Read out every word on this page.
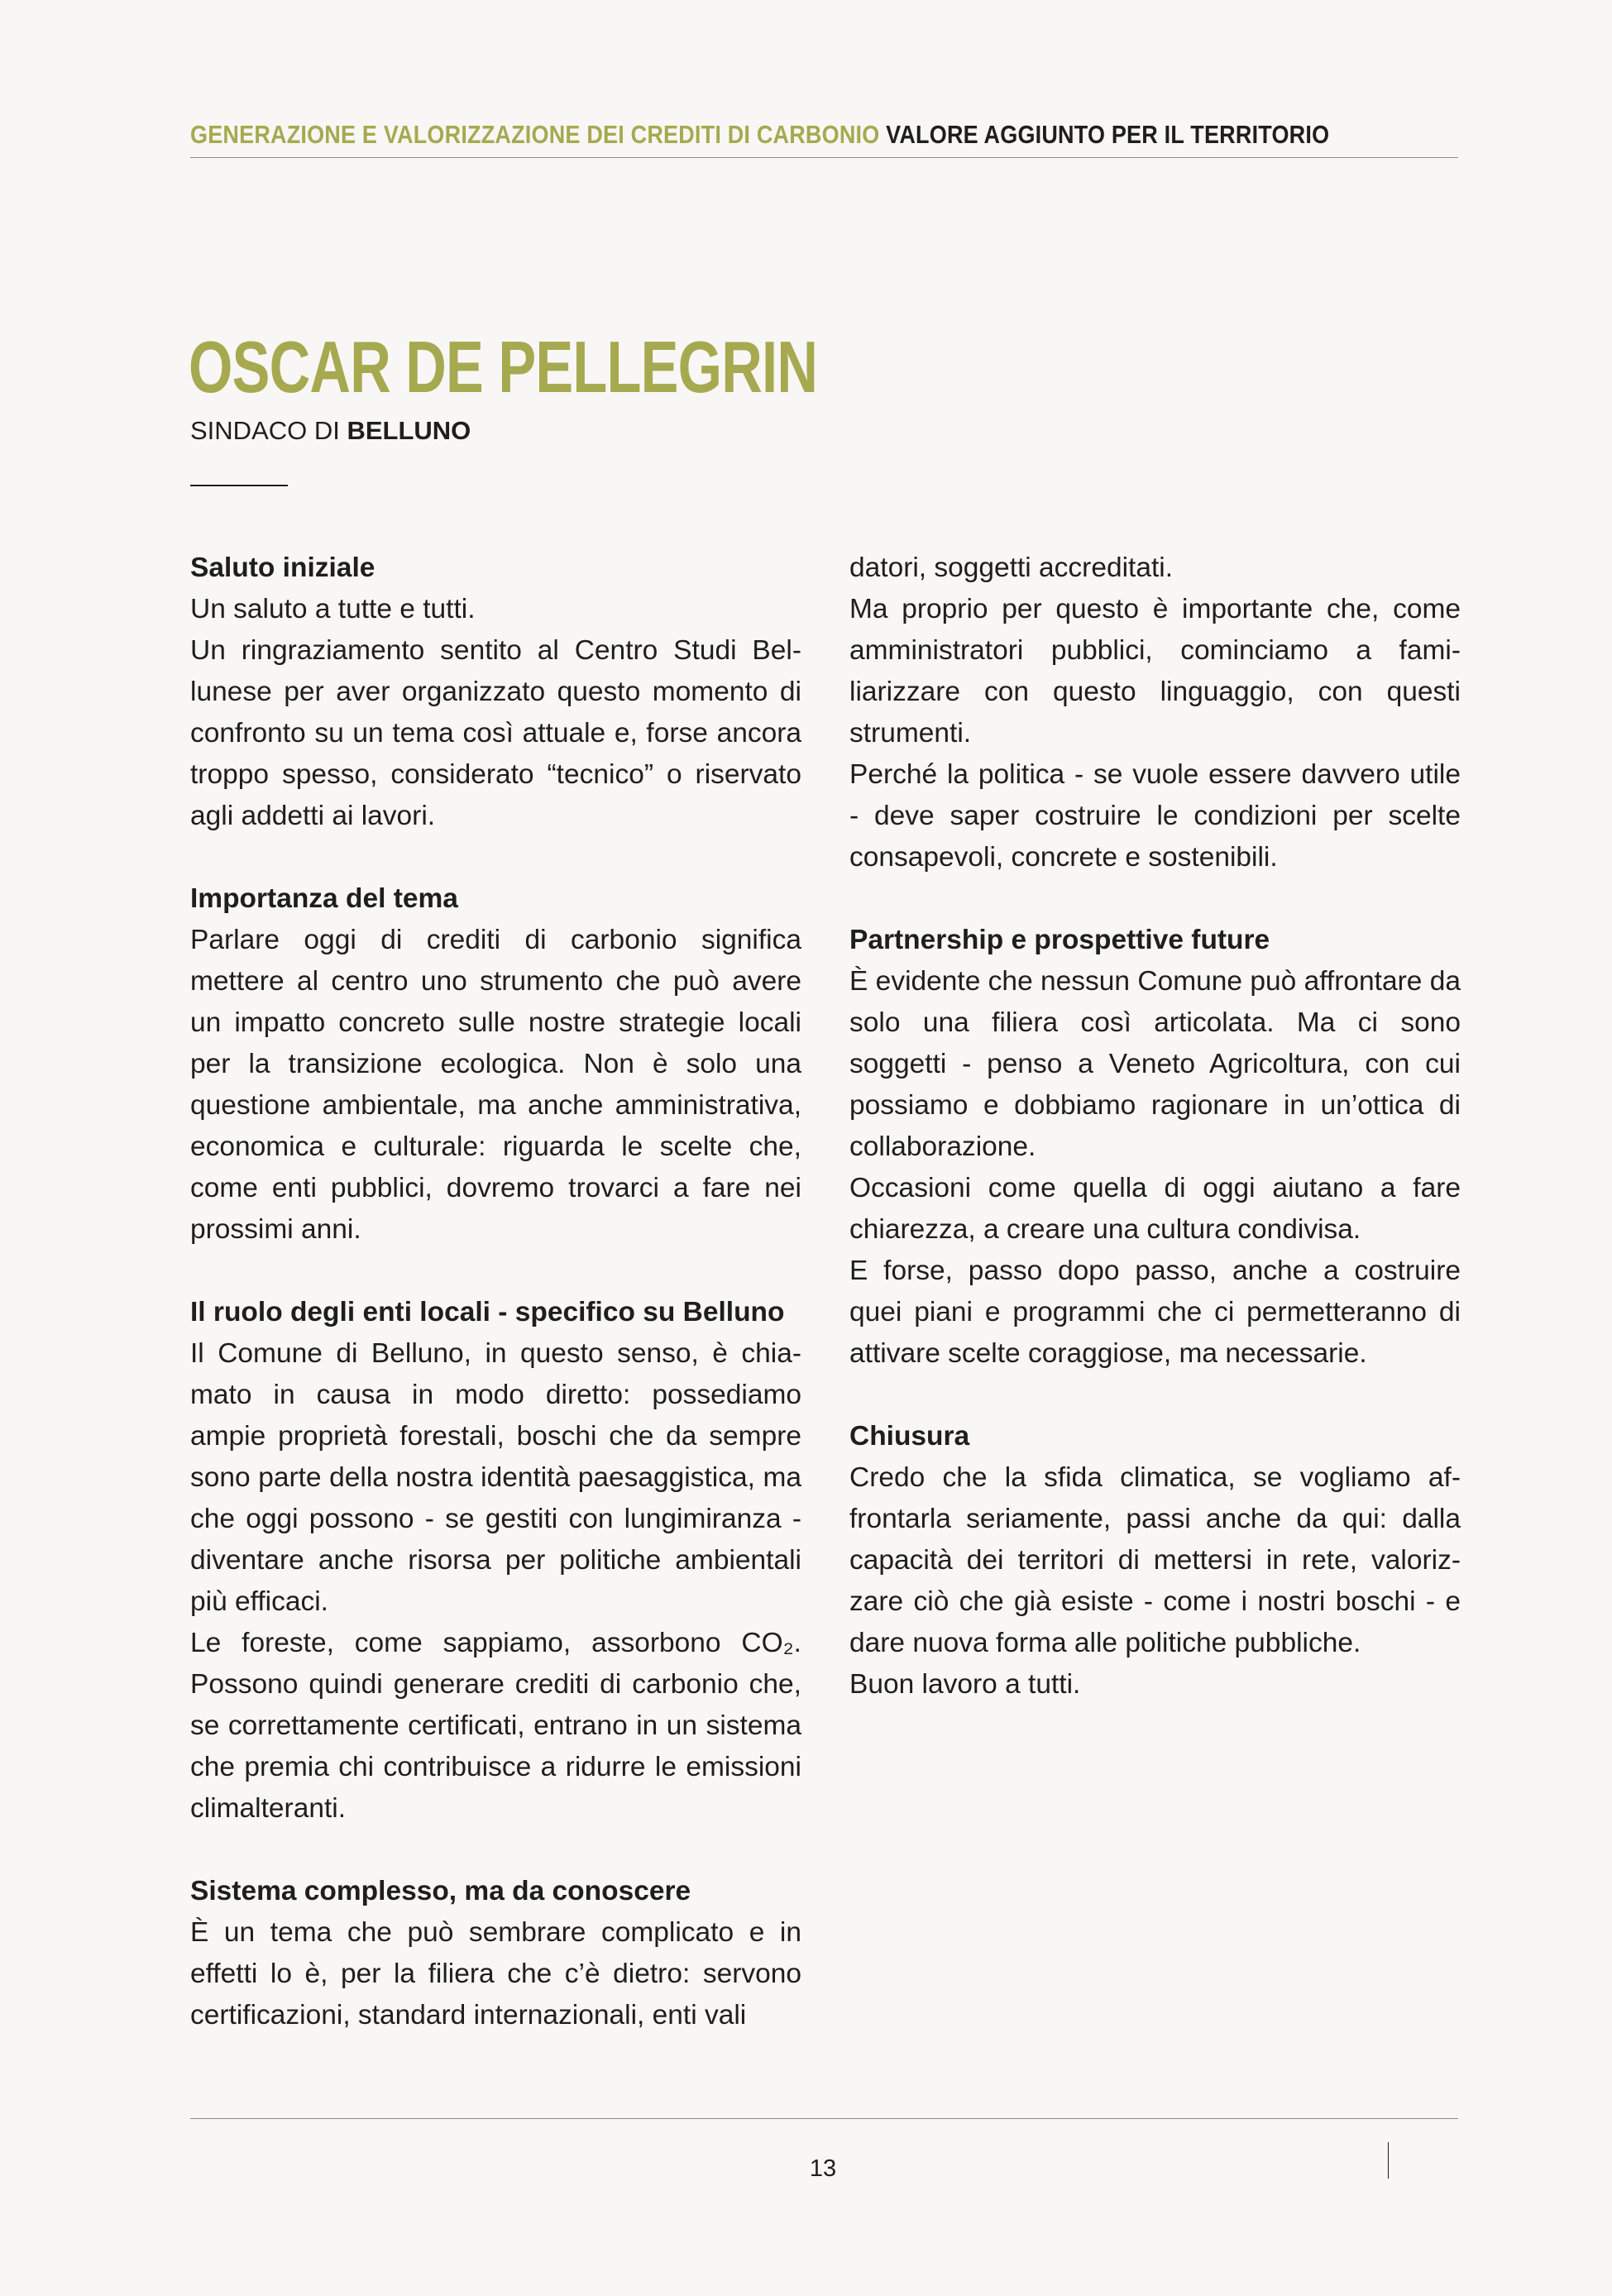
GENERAZIONE E VALORIZZAZIONE DEI CREDITI DI CARBONIO VALORE AGGIUNTO PER IL TERRITORIO
OSCAR DE PELLEGRIN
SINDACO DI BELLUNO
Saluto iniziale

Un saluto a tutte e tutti.

Un ringraziamento sentito al Centro Studi Bellunese per aver organizzato questo momento di confronto su un tema così attuale e, forse ancora troppo spesso, considerato “tecnico” o riservato agli addetti ai lavori.

Importanza del tema

Parlare oggi di crediti di carbonio significa mettere al centro uno strumento che può avere un impatto concreto sulle nostre strategie locali per la transizione ecologica. Non è solo una questione ambientale, ma anche amministrativa, economica e culturale: riguarda le scelte che, come enti pubblici, dovremo trovarci a fare nei prossimi anni.

Il ruolo degli enti locali - specifico su Belluno

Il Comune di Belluno, in questo senso, è chiamato in causa in modo diretto: possediamo ampie proprietà forestali, boschi che da sempre sono parte della nostra identità paesaggistica, ma che oggi possono - se gestiti con lungimiranza - diventare anche risorsa per politiche ambientali più efficaci.

Le foreste, come sappiamo, assorbono CO₂. Possono quindi generare crediti di carbonio che, se correttamente certificati, entrano in un sistema che premia chi contribuisce a ridurre le emissioni climalteranti.

Sistema complesso, ma da conoscere

È un tema che può sembrare complicato e in effetti lo è, per la filiera che c’è dietro: servono certificazioni, standard internazionali, enti vali

datori, soggetti accreditati.

Ma proprio per questo è importante che, come amministratori pubblici, cominciamo a familiarizzare con questo linguaggio, con questi strumenti.

Perché la politica - se vuole essere davvero utile - deve saper costruire le condizioni per scelte consapevoli, concrete e sostenibili.

Partnership e prospettive future

È evidente che nessun Comune può affrontare da solo una filiera così articolata. Ma ci sono soggetti - penso a Veneto Agricoltura, con cui possiamo e dobbiamo ragionare in un’ottica di collaborazione.

Occasioni come quella di oggi aiutano a fare chiarezza, a creare una cultura condivisa.

E forse, passo dopo passo, anche a costruire quei piani e programmi che ci permetteranno di attivare scelte coraggiose, ma necessarie.

Chiusura

Credo che la sfida climatica, se vogliamo affrontarla seriamente, passi anche da qui: dalla capacità dei territori di mettersi in rete, valorizzare ciò che già esiste - come i nostri boschi - e dare nuova forma alle politiche pubbliche.

Buon lavoro a tutti.

13
